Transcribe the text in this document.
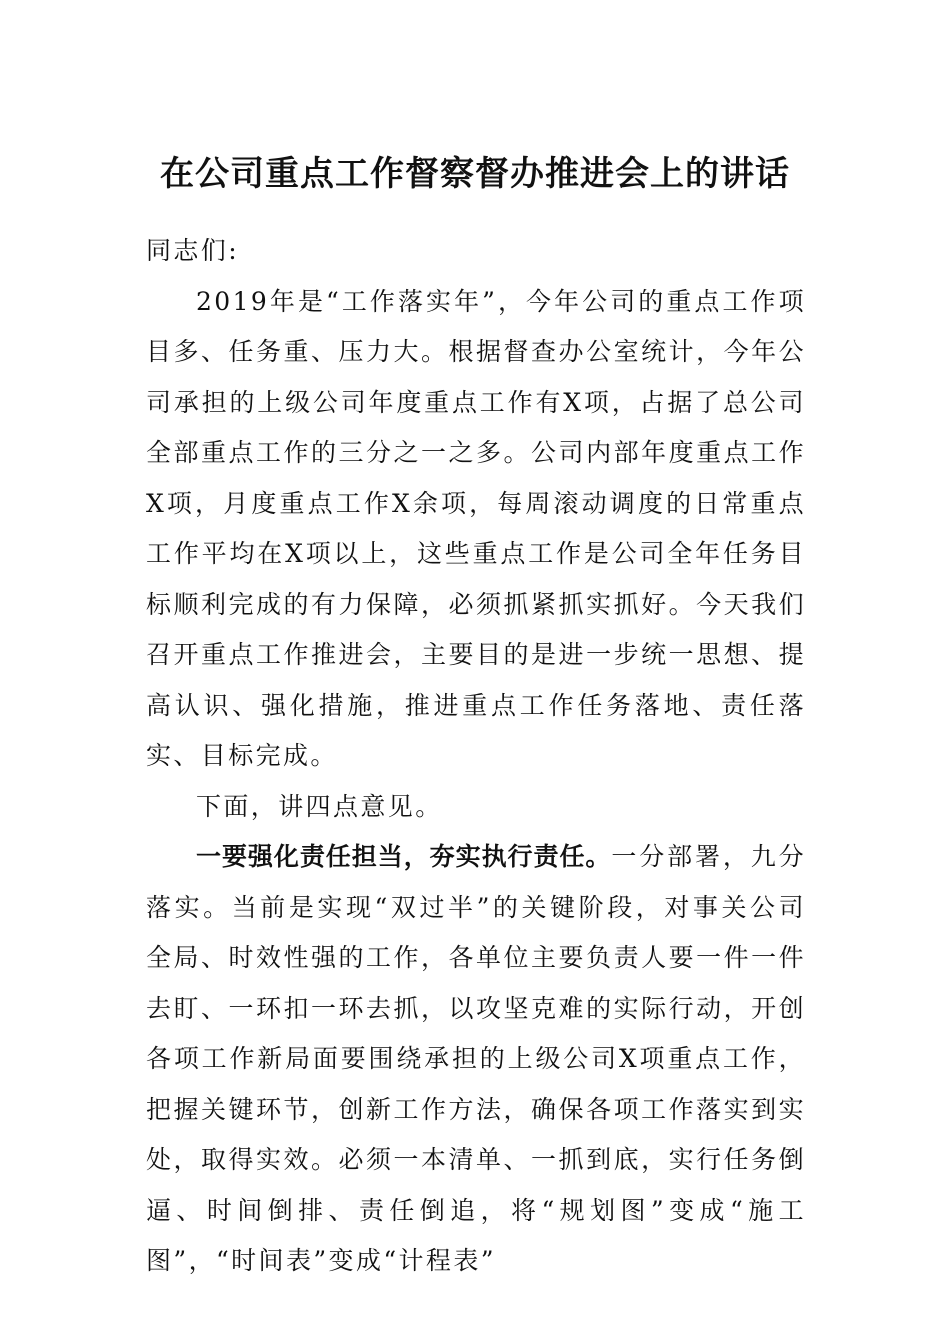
在公司重点工作督察督办推进会上的讲话

同志们:

2019年是“工作落实年”，今年公司的重点工作项目多、任务重、压力大。根据督查办公室统计，今年公司承担的上级公司年度重点工作有X项，占据了总公司全部重点工作的三分之一之多。公司内部年度重点工作X项，月度重点工作X余项，每周滚动调度的日常重点工作平均在X项以上，这些重点工作是公司全年任务目标顺利完成的有力保障，必须抓紧抓实抓好。今天我们召开重点工作推进会，主要目的是进一步统一思想、提高认识、强化措施，推进重点工作任务落地、责任落实、目标完成。

下面，讲四点意见。

一要强化责任担当，夯实执行责任。一分部署，九分落实。当前是实现“双过半”的关键阶段，对事关公司全局、时效性强的工作，各单位主要负责人要一件一件去盯、一环扣一环去抓，以攻坚克难的实际行动，开创各项工作新局面要围绕承担的上级公司X项重点工作，把握关键环节，创新工作方法，确保各项工作落实到实处，取得实效。必须一本清单、一抓到底，实行任务倒逼、时间倒排、责任倒追，将“规划图”变成“施工图”，“时间表”变成“计程表”
